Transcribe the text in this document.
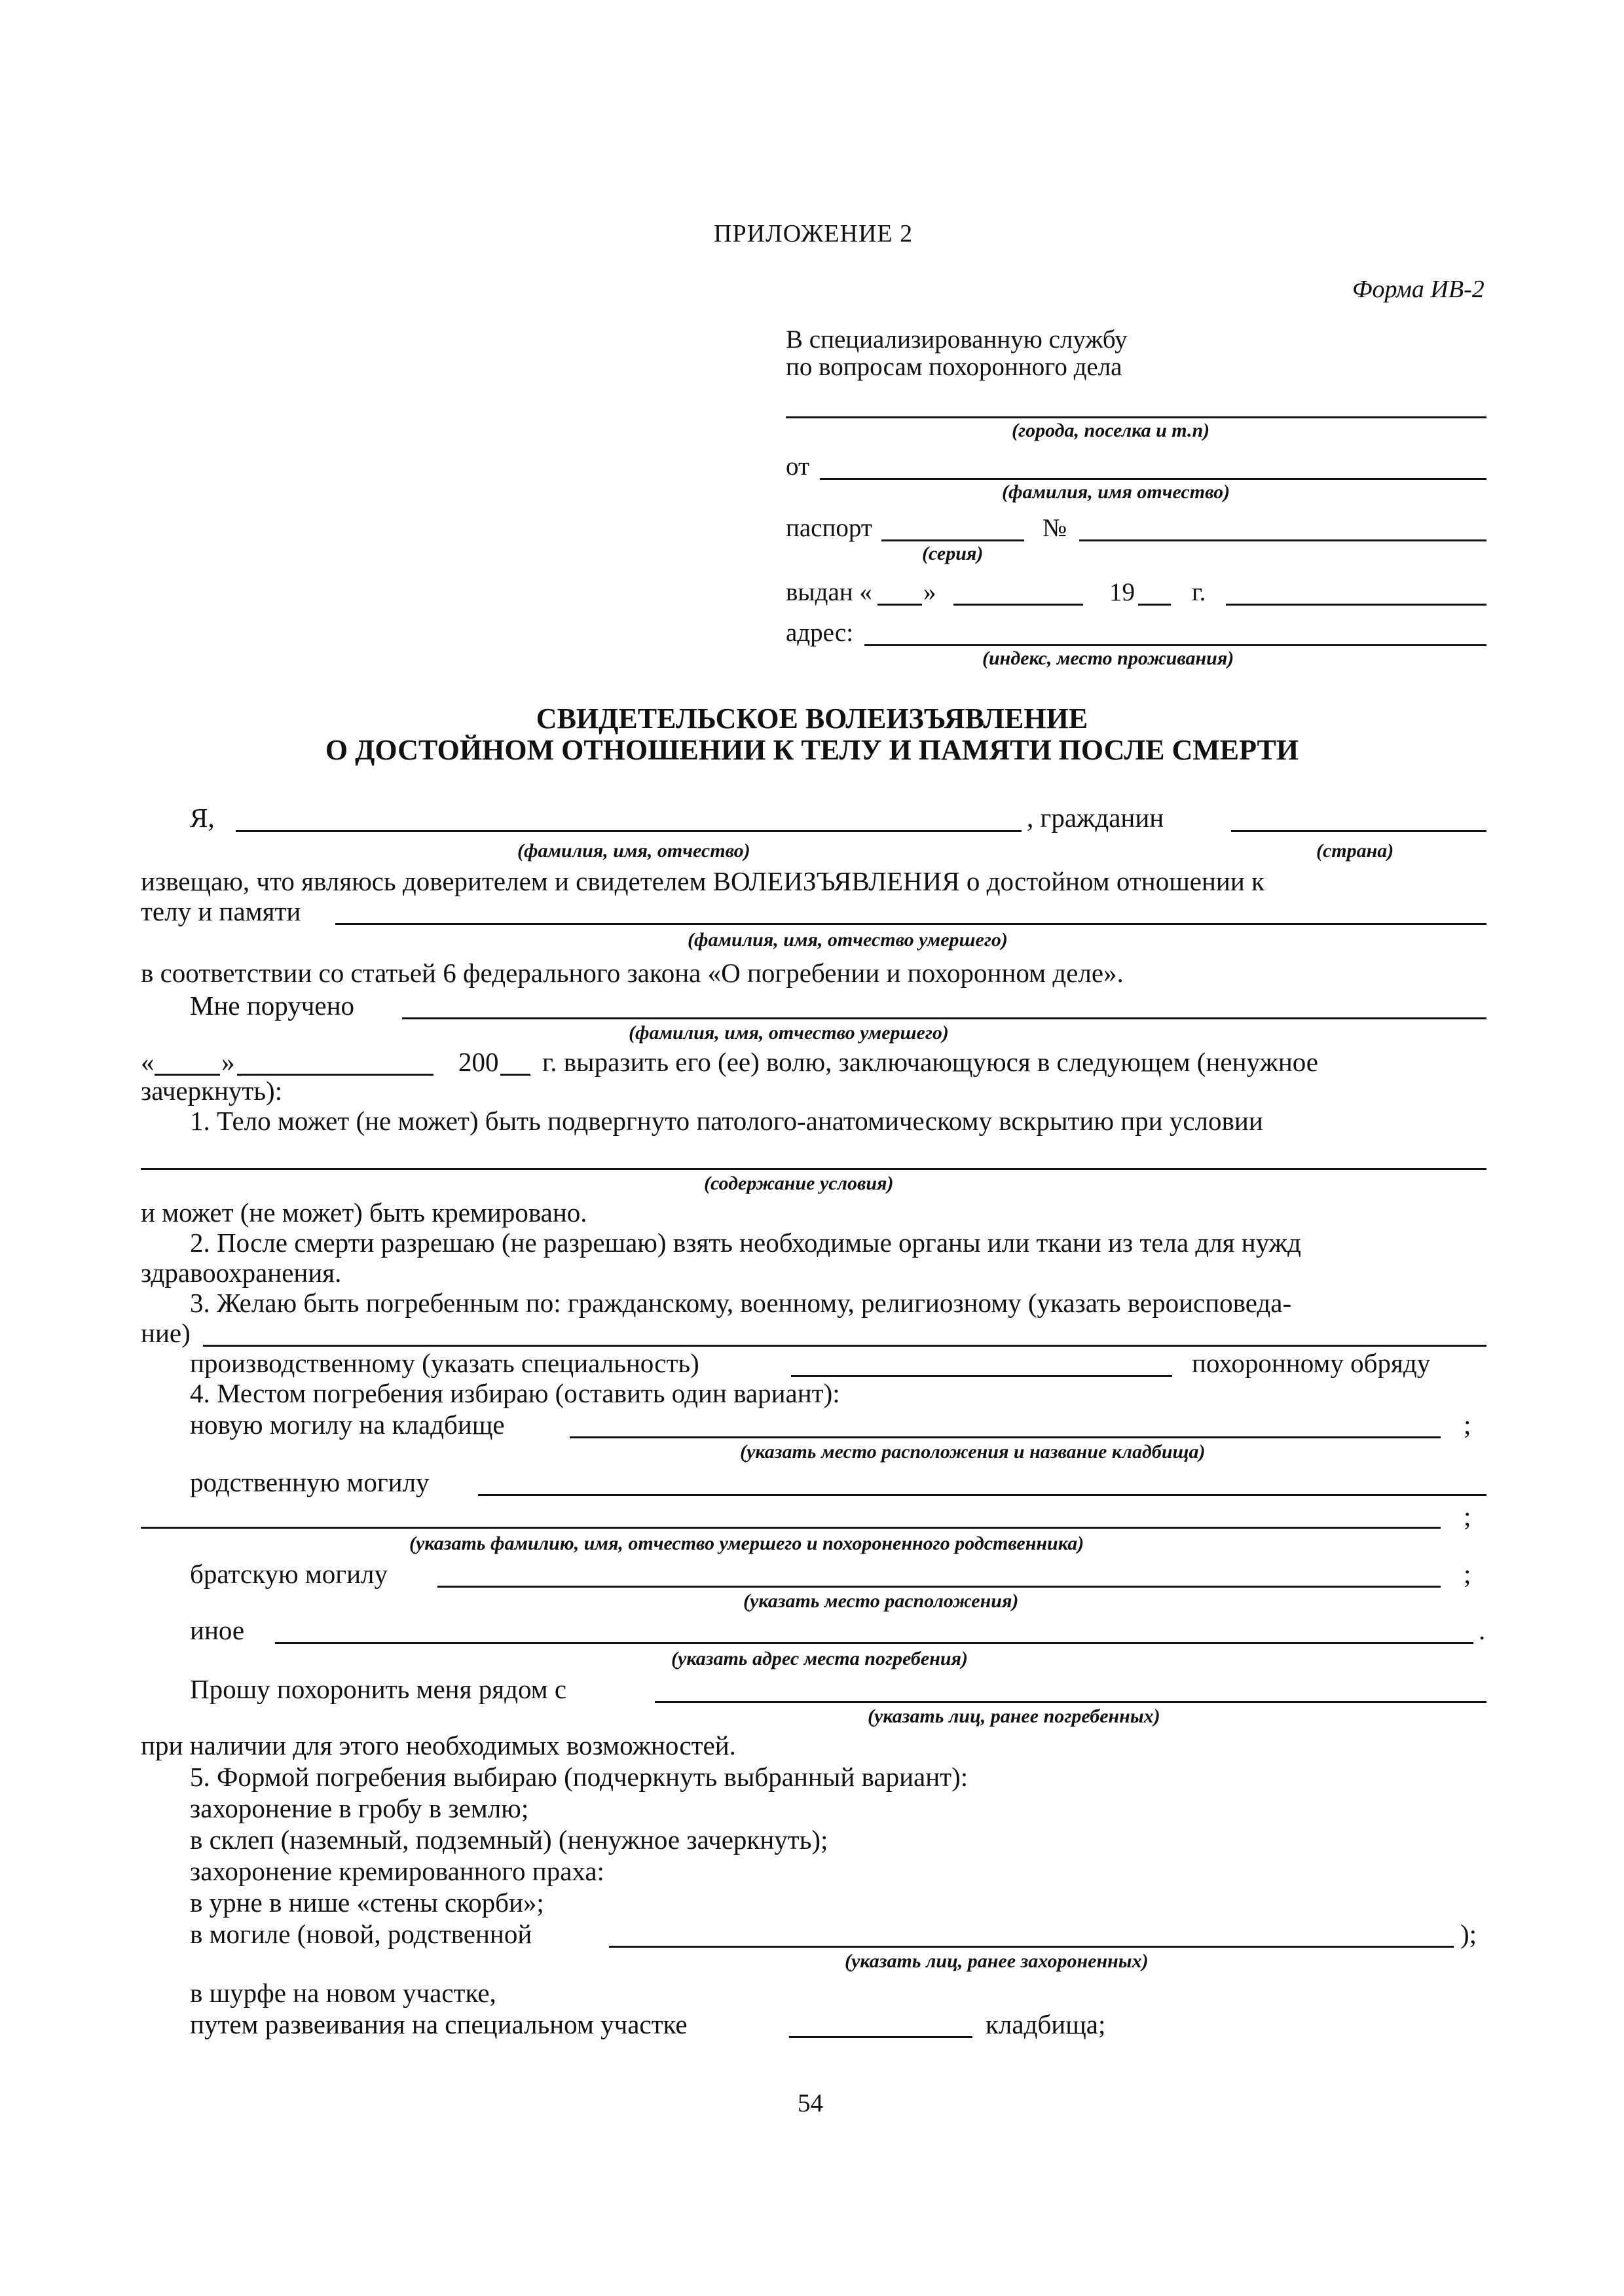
ПРИЛОЖЕНИЕ 2
Форма ИВ-2
В специализированную службу
по вопросам похоронного дела
(города, поселка и т.п)
от
(фамилия, имя отчество)
паспорт	№
(серия)
выдан « »	19 г.
адрес:
(индекс, место проживания)
СВИДЕТЕЛЬСКОЕ ВОЛЕИЗЪЯВЛЕНИЕ
О ДОСТОЙНОМ ОТНОШЕНИИ К ТЕЛУ И ПАМЯТИ ПОСЛЕ СМЕРТИ
Я,	, гражданин
(фамилия, имя, отчество)	(страна)
извещаю, что являюсь доверителем и свидетелем ВОЛЕИЗЪЯВЛЕНИЯ о достойном отношении к
телу и памяти
(фамилия, имя, отчество умершего)
в соответствии со статьей 6 федерального закона «О погребении и похоронном деле».
Мне поручено
(фамилия, имя, отчество умершего)
«	»	200 г. выразить его (ее) волю, заключающуюся в следующем (ненужное
зачеркнуть):
1. Тело может (не может) быть подвергнуто патолого-анатомическому вскрытию при условии
(содержание условия)
и может (не может) быть кремировано.
2. После смерти разрешаю (не разрешаю) взять необходимые органы или ткани из тела для нужд
здравоохранения.
3. Желаю быть погребенным по: гражданскому, военному, религиозному (указать вероисповеда-
ние)
производственному (указать специальность)	похоронному обряду
4. Местом погребения избираю (оставить один вариант):
новую могилу на кладбище	;
(указать место расположения и название кладбища)
родственную могилу
;
(указать фамилию, имя, отчество умершего и похороненного родственника)
братскую могилу	;
(указать место расположения)
иное	.
(указать адрес места погребения)
Прошу похоронить меня рядом с
(указать лиц, ранее погребенных)
при наличии для этого необходимых возможностей.
5. Формой погребения выбираю (подчеркнуть выбранный вариант):
захоронение в гробу в землю;
в склеп (наземный, подземный) (ненужное зачеркнуть);
захоронение кремированного праха:
в урне в нише «стены скорби»;
в могиле (новой, родственной	);
(указать лиц, ранее захороненных)
в шурфе на новом участке,
путем развеивания на специальном участке	кладбища;
54
